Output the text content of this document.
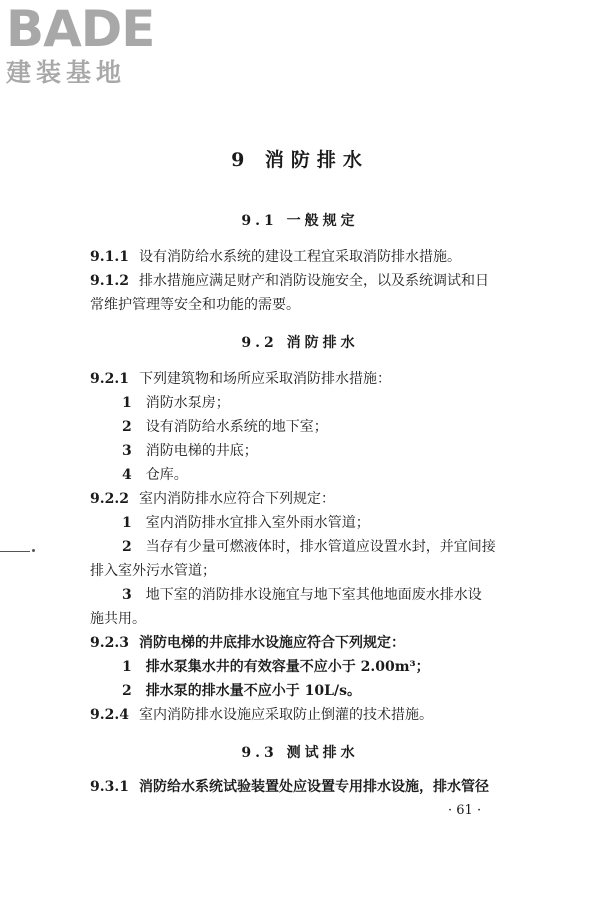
BADE
建装基地
9 消防排水
9.1 一般规定
9.1.1 设有消防给水系统的建设工程宜采取消防排水措施。
9.1.2 排水措施应满足财产和消防设施安全，以及系统调试和日
常维护管理等安全和功能的需要。
9.2 消防排水
9.2.1 下列建筑物和场所应采取消防排水措施：
1 消防水泵房；
2 设有消防给水系统的地下室；
3 消防电梯的井底；
4 仓库。
9.2.2 室内消防排水应符合下列规定：
1 室内消防排水宜排入室外雨水管道；
2 当存有少量可燃液体时，排水管道应设置水封，并宜间接
排入室外污水管道；
3 地下室的消防排水设施宜与地下室其他地面废水排水设
施共用。
9.2.3 消防电梯的井底排水设施应符合下列规定：
1 排水泵集水井的有效容量不应小于 2.00m³；
2 排水泵的排水量不应小于 10L/s。
9.2.4 室内消防排水设施应采取防止倒灌的技术措施。
9.3 测试排水
9.3.1 消防给水系统试验装置处应设置专用排水设施，排水管径
· 61 ·
